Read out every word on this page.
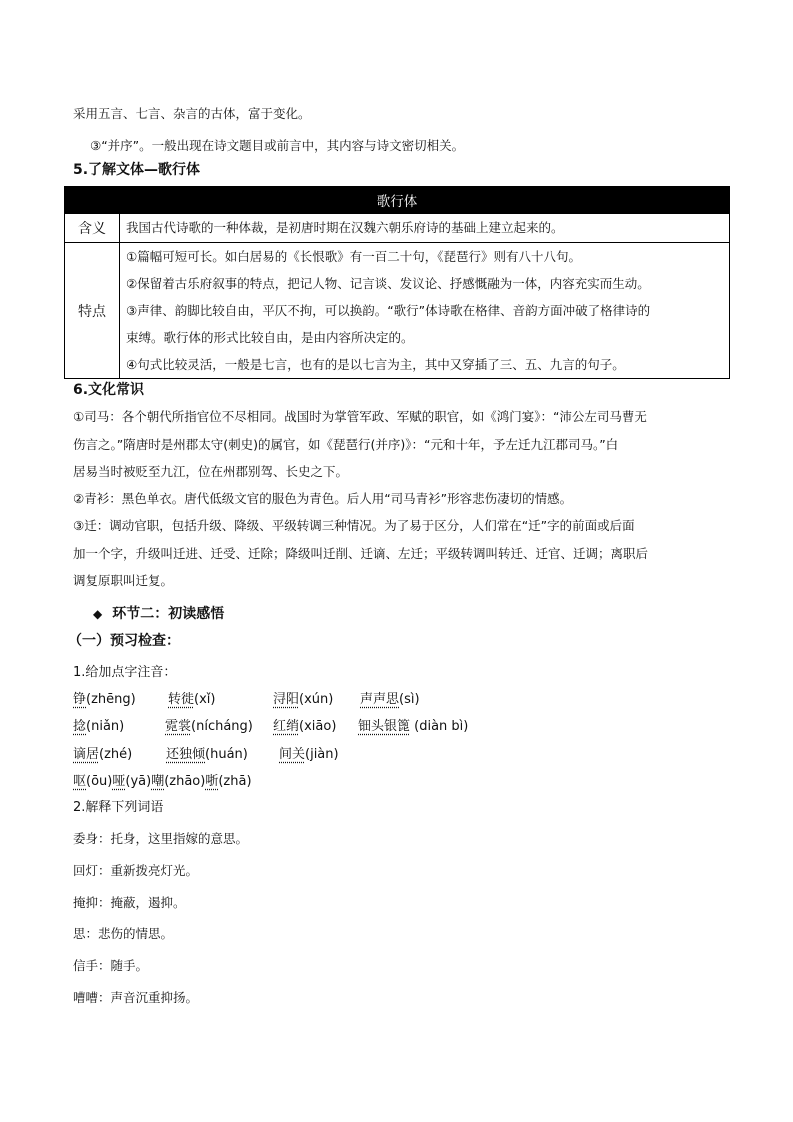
采用五言、七言、杂言的古体，富于变化。
③“并序”。一般出现在诗文题目或前言中，其内容与诗文密切相关。
5.了解文体—歌行体
歌行体	
含义	我国古代诗歌的一种体裁，是初唐时期在汉魏六朝乐府诗的基础上建立起来的。

特点	①篇幅可短可长。如白居易的《长恨歌》有一百二十句，《琵琶行》则有八十八句。
②保留着古乐府叙事的特点，把记人物、记言谈、发议论、抒感慨融为一体，内容充实而生动。
③声律、韵脚比较自由，平仄不拘，可以换韵。“歌行”体诗歌在格律、音韵方面冲破了格律诗的
束缚。歌行体的形式比较自由，是由内容所决定的。
④句式比较灵活，一般是七言，也有的是以七言为主，其中又穿插了三、五、九言的句子。
6.文化常识
①司马：各个朝代所指官位不尽相同。战国时为掌管军政、军赋的职官，如《鸿门宴》：“沛公左司马曹无
伤言之。”隋唐时是州郡太守(刺史)的属官，如《琵琶行(并序)》：“元和十年，予左迁九江郡司马。”白
居易当时被贬至九江，位在州郡别驾、长史之下。
②青衫：黑色单衣。唐代低级文官的服色为青色。后人用“司马青衫”形容悲伤凄切的情感。
③迁：调动官职，包括升级、降级、平级转调三种情况。为了易于区分，人们常在“迁”字的前面或后面
加一个字，升级叫迁进、迁受、迁除；降级叫迁削、迁谪、左迁；平级转调叫转迁、迁官、迁调；离职后
调复原职叫迁复。
◆ 环节二：初读感悟
（一）预习检查：
1.给加点字注音：
铮(zhēng) 转徙(xǐ)	浔阳(xún) 声声思(sì)
捻(niǎn)	霓裳(nícháng) 红绡(xiāo) 钿头银篦 (diàn bì)
谪居(zhé)	还独倾(huán) 间关(jiàn)
呕(ōu)哑(yā)嘲(zhāo)哳(zhā)
2.解释下列词语
委身：托身，这里指嫁的意思。
回灯：重新拨亮灯光。
掩抑：掩蔽，遏抑。
思：悲伤的情思。
信手：随手。
嘈嘈：声音沉重抑扬。
